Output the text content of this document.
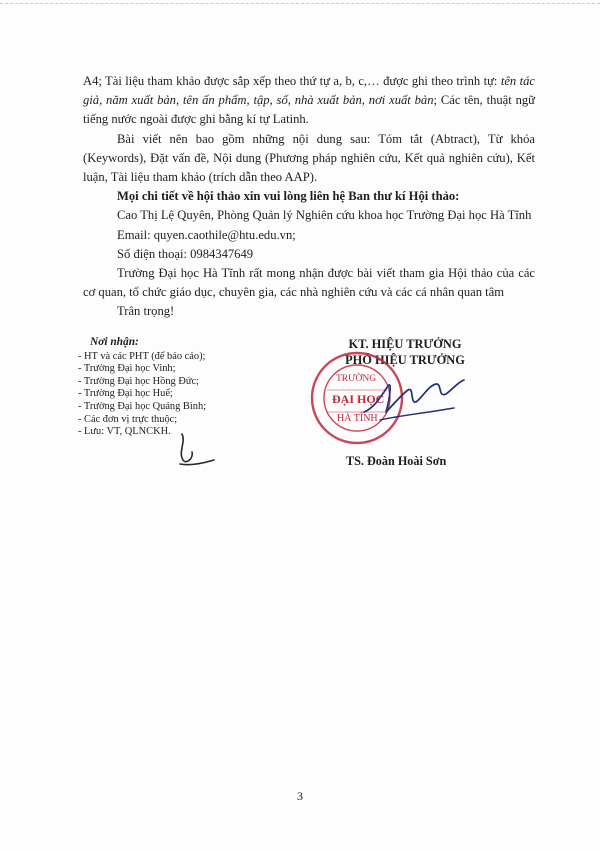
A4; Tài liệu tham khảo được sắp xếp theo thứ tự a, b, c,… được ghi theo trình tự: tên tác giả, năm xuất bản, tên ấn phẩm, tập, số, nhà xuất bản, nơi xuất bản; Các tên, thuật ngữ tiếng nước ngoài được ghi bằng kí tự Latinh.

Bài viết nên bao gồm những nội dung sau: Tóm tắt (Abtract), Từ khóa (Keywords), Đặt vấn đề, Nội dung (Phương pháp nghiên cứu, Kết quả nghiên cứu), Kết luận, Tài liệu tham khảo (trích dẫn theo AAP).

Mọi chi tiết về hội thảo xin vui lòng liên hệ Ban thư kí Hội thảo:

Cao Thị Lệ Quyên, Phòng Quản lý Nghiên cứu khoa học Trường Đại học Hà Tĩnh

Email: quyen.caothile@htu.edu.vn;

Số điện thoại: 0984347649

Trường Đại học Hà Tĩnh rất mong nhận được bài viết tham gia Hội thảo của các cơ quan, tổ chức giáo dục, chuyên gia, các nhà nghiên cứu và các cá nhân quan tâm

Trân trọng!

Nơi nhận:
- HT và các PHT (để báo cáo);
- Trường Đại học Vinh;
- Trường Đại học Hồng Đức;
- Trường Đại học Huế;
- Trường Đại học Quảng Bình;
- Các đơn vị trực thuộc;
- Lưu: VT, QLNCKH.
KT. HIỆU TRƯỞNG
PHÓ HIỆU TRƯỞNG
TRƯỜNG
ĐẠI HỌC
HÀ TĨNH
TS. Đoàn Hoài Sơn
3
